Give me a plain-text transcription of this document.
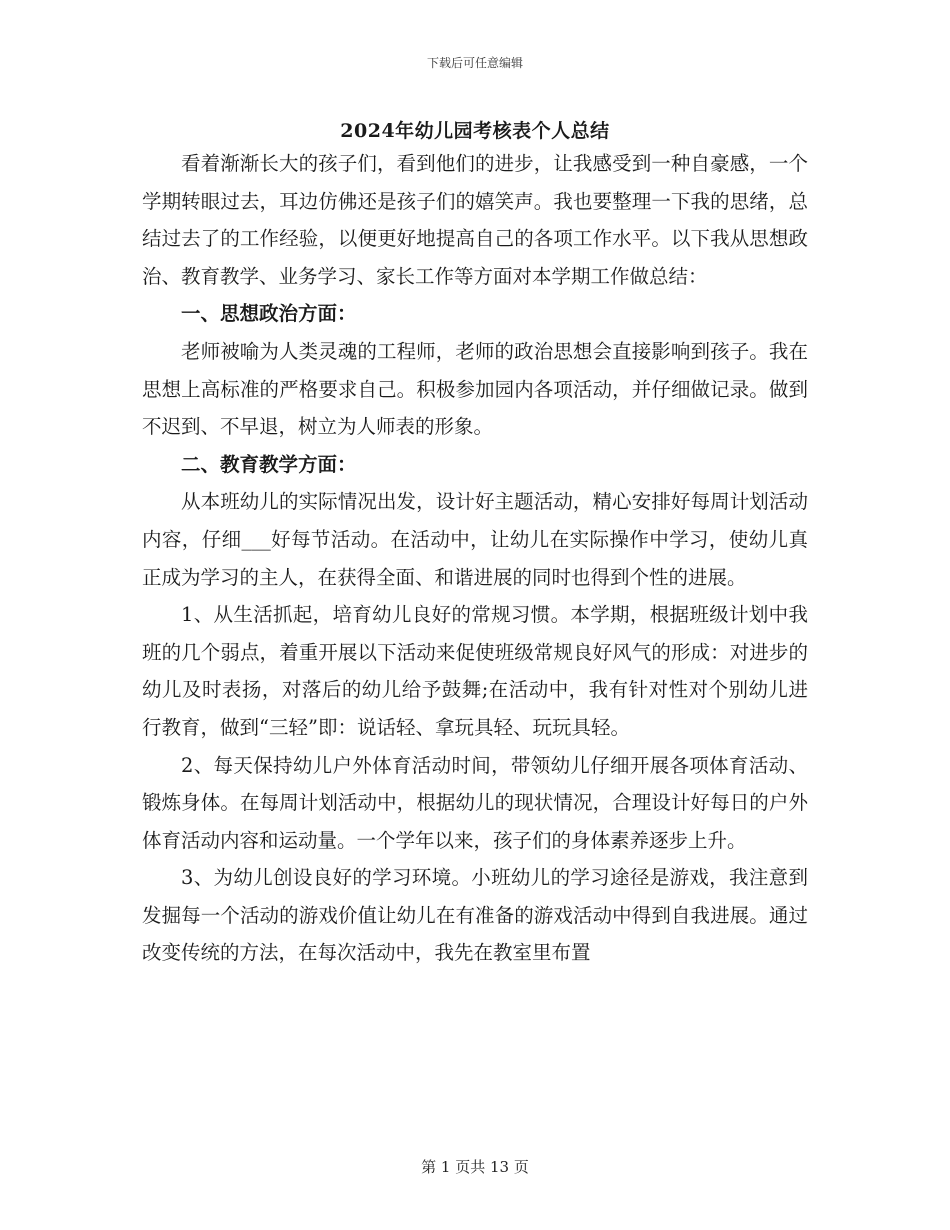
下载后可任意编辑
2024年幼儿园考核表个人总结

看着渐渐长大的孩子们，看到他们的进步，让我感受到一种自豪感，一个学期转眼过去，耳边仿佛还是孩子们的嬉笑声。我也要整理一下我的思绪，总结过去了的工作经验，以便更好地提高自己的各项工作水平。以下我从思想政治、教育教学、业务学习、家长工作等方面对本学期工作做总结：

一、思想政治方面：

老师被喻为人类灵魂的工程师，老师的政治思想会直接影响到孩子。我在思想上高标准的严格要求自己。积极参加园内各项活动，并仔细做记录。做到不迟到、不早退，树立为人师表的形象。

二、教育教学方面：

从本班幼儿的实际情况出发，设计好主题活动，精心安排好每周计划活动内容，仔细___好每节活动。在活动中，让幼儿在实际操作中学习，使幼儿真正成为学习的主人，在获得全面、和谐进展的同时也得到个性的进展。

1、从生活抓起，培育幼儿良好的常规习惯。本学期，根据班级计划中我班的几个弱点，着重开展以下活动来促使班级常规良好风气的形成：对进步的幼儿及时表扬，对落后的幼儿给予鼓舞;在活动中，我有针对性对个别幼儿进行教育，做到“三轻”即：说话轻、拿玩具轻、玩玩具轻。

2、每天保持幼儿户外体育活动时间，带领幼儿仔细开展各项体育活动、锻炼身体。在每周计划活动中，根据幼儿的现状情况，合理设计好每日的户外体育活动内容和运动量。一个学年以来，孩子们的身体素养逐步上升。

3、为幼儿创设良好的学习环境。小班幼儿的学习途径是游戏，我注意到发掘每一个活动的游戏价值让幼儿在有准备的游戏活动中得到自我进展。通过改变传统的方法，在每次活动中，我先在教室里布置

第 1 页共 13 页
